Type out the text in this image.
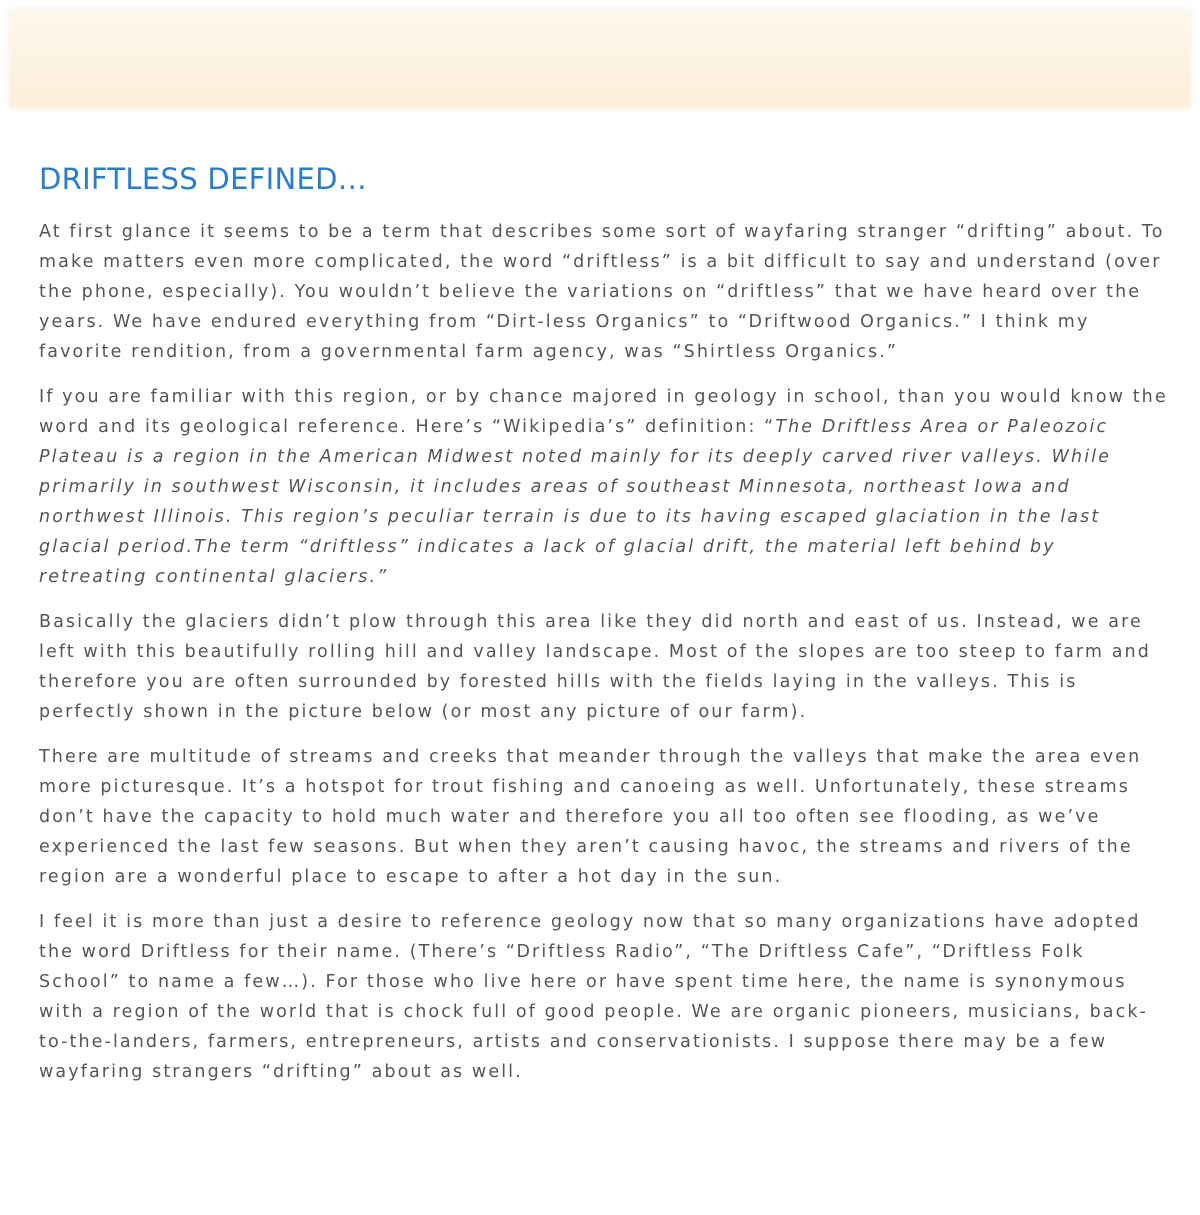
DRIFTLESS DEFINED…

At first glance it seems to be a term that describes some sort of wayfaring stranger “drifting” about. To make matters even more complicated, the word “driftless” is a bit difficult to say and understand (over the phone, especially). You wouldn’t believe the variations on “driftless” that we have heard over the years. We have endured everything from “Dirt-less Organics” to “Driftwood Organics.” I think my favorite rendition, from a governmental farm agency, was “Shirtless Organics.”

If you are familiar with this region, or by chance majored in geology in school, than you would know the word and its geological reference. Here’s “Wikipedia’s” definition: “The Driftless Area or Paleozoic Plateau is a region in the American Midwest noted mainly for its deeply carved river valleys. While primarily in southwest Wisconsin, it includes areas of southeast Minnesota, northeast Iowa and northwest Illinois. This region’s peculiar terrain is due to its having escaped glaciation in the last glacial period.The term “driftless” indicates a lack of glacial drift, the material left behind by retreating continental glaciers.”

Basically the glaciers didn’t plow through this area like they did north and east of us. Instead, we are left with this beautifully rolling hill and valley landscape. Most of the slopes are too steep to farm and therefore you are often surrounded by forested hills with the fields laying in the valleys. This is perfectly shown in the picture below (or most any picture of our farm).

There are multitude of streams and creeks that meander through the valleys that make the area even more picturesque. It’s a hotspot for trout fishing and canoeing as well. Unfortunately, these streams don’t have the capacity to hold much water and therefore you all too often see flooding, as we’ve experienced the last few seasons. But when they aren’t causing havoc, the streams and rivers of the region are a wonderful place to escape to after a hot day in the sun.

I feel it is more than just a desire to reference geology now that so many organizations have adopted the word Driftless for their name. (There’s “Driftless Radio”, “The Driftless Cafe”, “Driftless Folk School” to name a few…). For those who live here or have spent time here, the name is synonymous with a region of the world that is chock full of good people. We are organic pioneers, musicians, back-to-the-landers, farmers, entrepreneurs, artists and conservationists. I suppose there may be a few wayfaring strangers “drifting” about as well.
